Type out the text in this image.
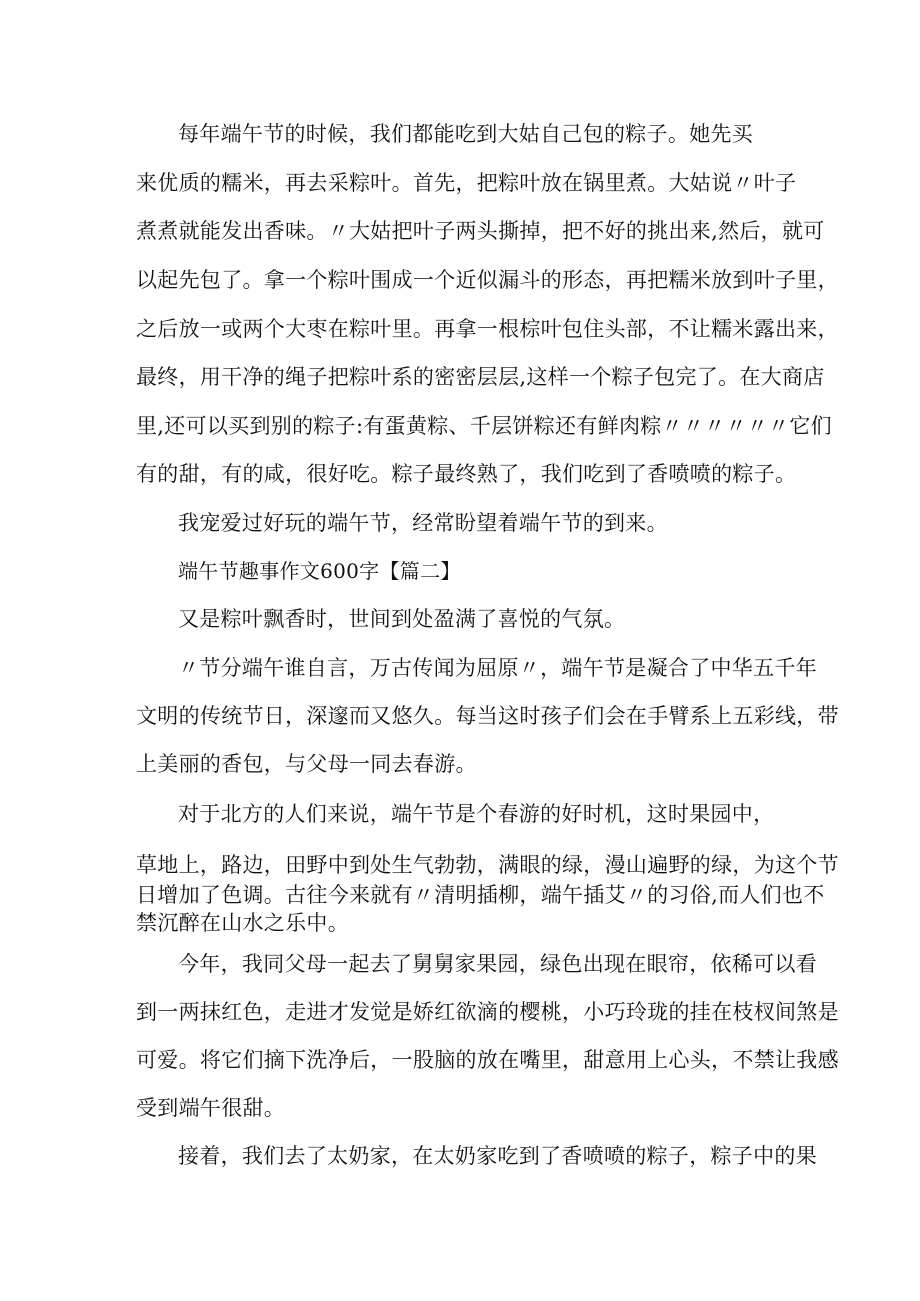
每年端午节的时候，我们都能吃到大姑自己包的粽子。她先买

来优质的糯米，再去采粽叶。首先，把粽叶放在锅里煮。大姑说〃叶子

煮煮就能发出香味。〃大姑把叶子两头撕掉，把不好的挑出来,然后，就可

以起先包了。拿一个粽叶围成一个近似漏斗的形态，再把糯米放到叶子里，

之后放一或两个大枣在粽叶里。再拿一根棕叶包住头部，不让糯米露出来，

最终，用干净的绳子把粽叶系的密密层层,这样一个粽子包完了。在大商店

里,还可以买到别的粽子:有蛋黄粽、千层饼粽还有鲜肉粽〃〃〃〃〃〃它们

有的甜，有的咸，很好吃。粽子最终熟了，我们吃到了香喷喷的粽子。

我宠爱过好玩的端午节，经常盼望着端午节的到来。

端午节趣事作文600字【篇二】

又是粽叶飘香时，世间到处盈满了喜悦的气氛。

〃节分端午谁自言，万古传闻为屈原〃，端午节是凝合了中华五千年

文明的传统节日，深邃而又悠久。每当这时孩子们会在手臂系上五彩线，带

上美丽的香包，与父母一同去春游。

对于北方的人们来说，端午节是个春游的好时机，这时果园中，

草地上，路边，田野中到处生气勃勃，满眼的绿，漫山遍野的绿，为这个节

日增加了色调。古往今来就有〃清明插柳，端午插艾〃的习俗,而人们也不

禁沉醉在山水之乐中。

今年，我同父母一起去了舅舅家果园，绿色出现在眼帘，依稀可以看

到一两抹红色，走进才发觉是娇红欲滴的樱桃，小巧玲珑的挂在枝杈间煞是

可爱。将它们摘下洗净后，一股脑的放在嘴里，甜意用上心头，不禁让我感

受到端午很甜。

接着，我们去了太奶家，在太奶家吃到了香喷喷的粽子，粽子中的果
